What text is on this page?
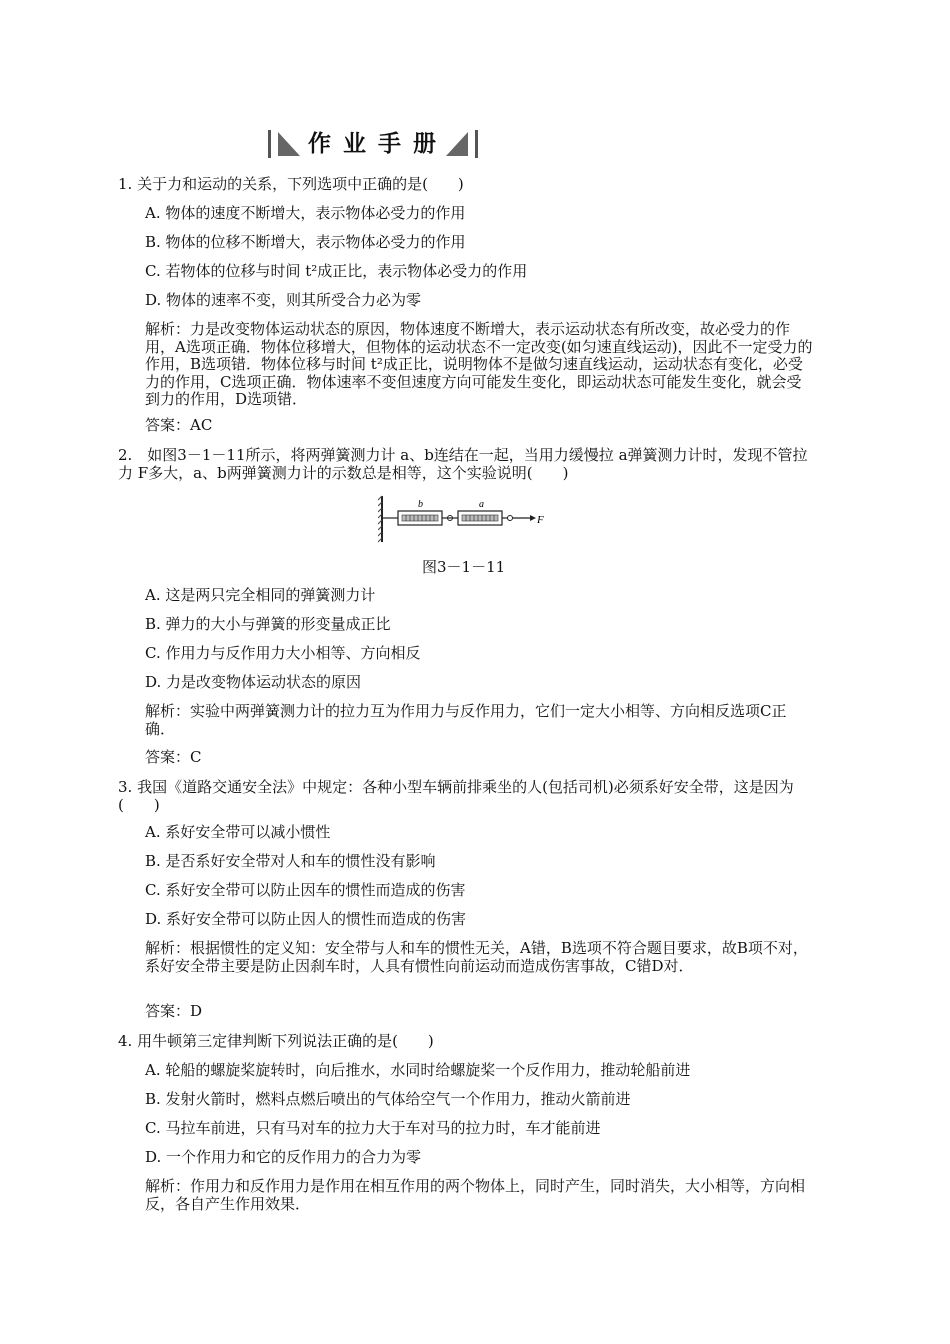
作业手册
1. 关于力和运动的关系，下列选项中正确的是(　　)
A. 物体的速度不断增大，表示物体必受力的作用
B. 物体的位移不断增大，表示物体必受力的作用
C. 若物体的位移与时间 t²成正比，表示物体必受力的作用
D. 物体的速率不变，则其所受合力必为零
解析：力是改变物体运动状态的原因，物体速度不断增大，表示运动状态有所改变，故必受力的作用，A选项正确．物体位移增大，但物体的运动状态不一定改变(如匀速直线运动)，因此不一定受力的作用，B选项错．物体位移与时间 t²成正比，说明物体不是做匀速直线运动，运动状态有变化，必受力的作用，C选项正确．物体速率不变但速度方向可能发生变化，即运动状态可能发生变化，就会受到力的作用，D选项错．
答案：AC
2.　如图3－1－11所示，将两弹簧测力计 a、b连结在一起，当用力缓慢拉 a弹簧测力计时，发现不管拉力 F多大，a、b两弹簧测力计的示数总是相等，这个实验说明(　　)
b	a
F
图3－1－11
A. 这是两只完全相同的弹簧测力计
B. 弹力的大小与弹簧的形变量成正比
C. 作用力与反作用力大小相等、方向相反
D. 力是改变物体运动状态的原因
解析：实验中两弹簧测力计的拉力互为作用力与反作用力，它们一定大小相等、方向相反选项C正确．
答案：C
3. 我国《道路交通安全法》中规定：各种小型车辆前排乘坐的人(包括司机)必须系好安全带，这是因为(　　)
A. 系好安全带可以减小惯性
B. 是否系好安全带对人和车的惯性没有影响
C. 系好安全带可以防止因车的惯性而造成的伤害
D. 系好安全带可以防止因人的惯性而造成的伤害
解析：根据惯性的定义知：安全带与人和车的惯性无关，A错，B选项不符合题目要求，故B项不对，系好安全带主要是防止因刹车时，人具有惯性向前运动而造成伤害事故，C错D对．
答案：D
4. 用牛顿第三定律判断下列说法正确的是(　　)
A. 轮船的螺旋桨旋转时，向后推水，水同时给螺旋桨一个反作用力，推动轮船前进
B. 发射火箭时，燃料点燃后喷出的气体给空气一个作用力，推动火箭前进
C. 马拉车前进，只有马对车的拉力大于车对马的拉力时，车才能前进
D. 一个作用力和它的反作用力的合力为零
解析：作用力和反作用力是作用在相互作用的两个物体上，同时产生，同时消失，大小相等，方向相反，各自产生作用效果．
